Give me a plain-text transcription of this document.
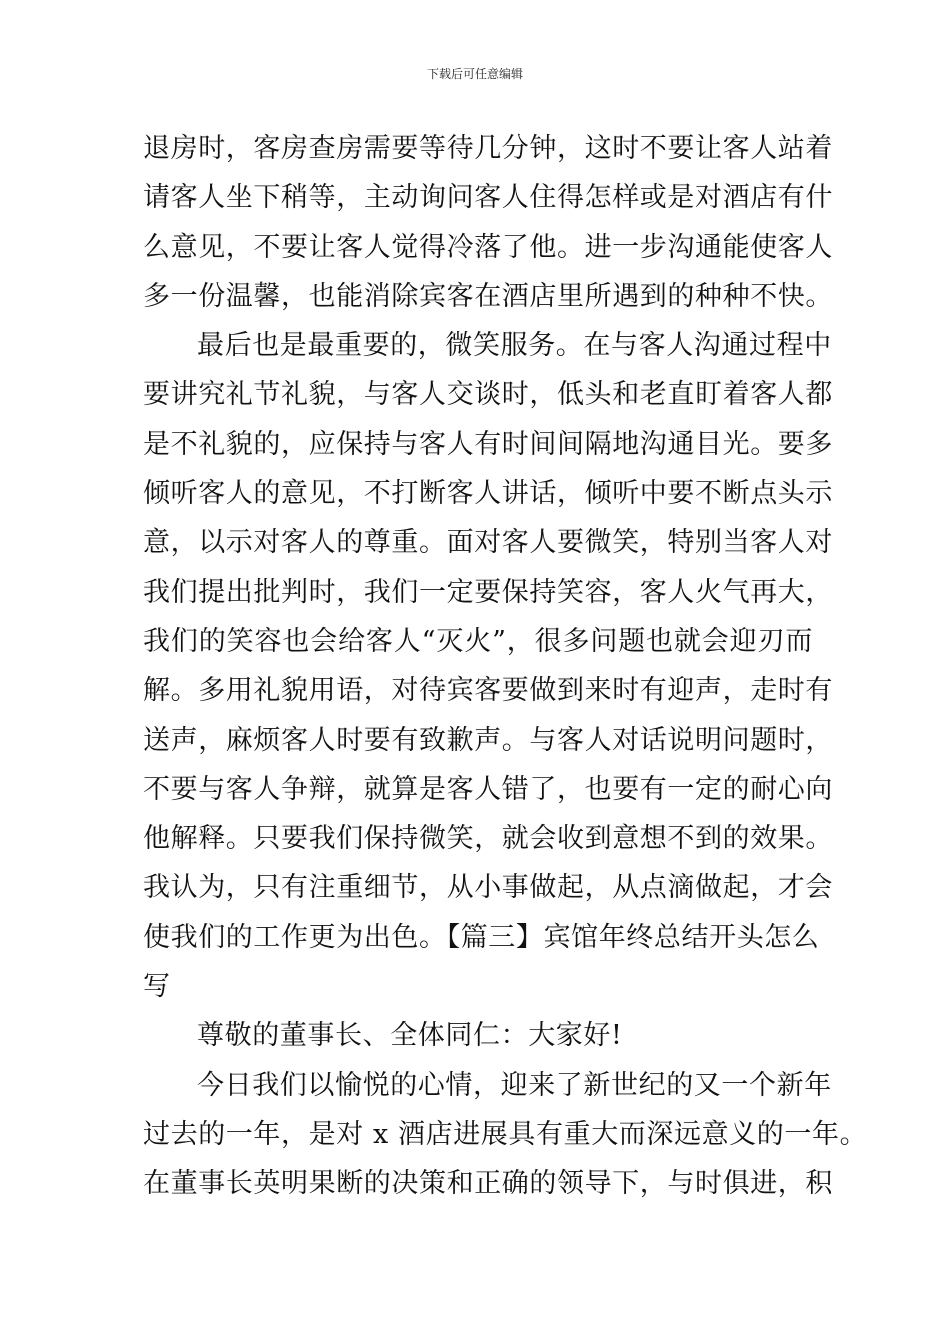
下载后可任意编辑
退房时，客房查房需要等待几分钟，这时不要让客人站着
请客人坐下稍等，主动询问客人住得怎样或是对酒店有什
么意见，不要让客人觉得冷落了他。进一步沟通能使客人
多一份温馨，也能消除宾客在酒店里所遇到的种种不快。
最后也是最重要的，微笑服务。在与客人沟通过程中
要讲究礼节礼貌，与客人交谈时，低头和老直盯着客人都
是不礼貌的，应保持与客人有时间间隔地沟通目光。要多
倾听客人的意见，不打断客人讲话，倾听中要不断点头示
意，以示对客人的尊重。面对客人要微笑，特别当客人对
我们提出批判时，我们一定要保持笑容，客人火气再大，
我们的笑容也会给客人“灭火”，很多问题也就会迎刃而
解。多用礼貌用语，对待宾客要做到来时有迎声，走时有
送声，麻烦客人时要有致歉声。与客人对话说明问题时，
不要与客人争辩，就算是客人错了，也要有一定的耐心向
他解释。只要我们保持微笑，就会收到意想不到的效果。
我认为，只有注重细节，从小事做起，从点滴做起，才会
使我们的工作更为出色。【篇三】宾馆年终总结开头怎么
写
尊敬的董事长、全体同仁：大家好!
今日我们以愉悦的心情，迎来了新世纪的又一个新年
过去的一年，是对 x 酒店进展具有重大而深远意义的一年。
在董事长英明果断的决策和正确的领导下，与时俱进，积
